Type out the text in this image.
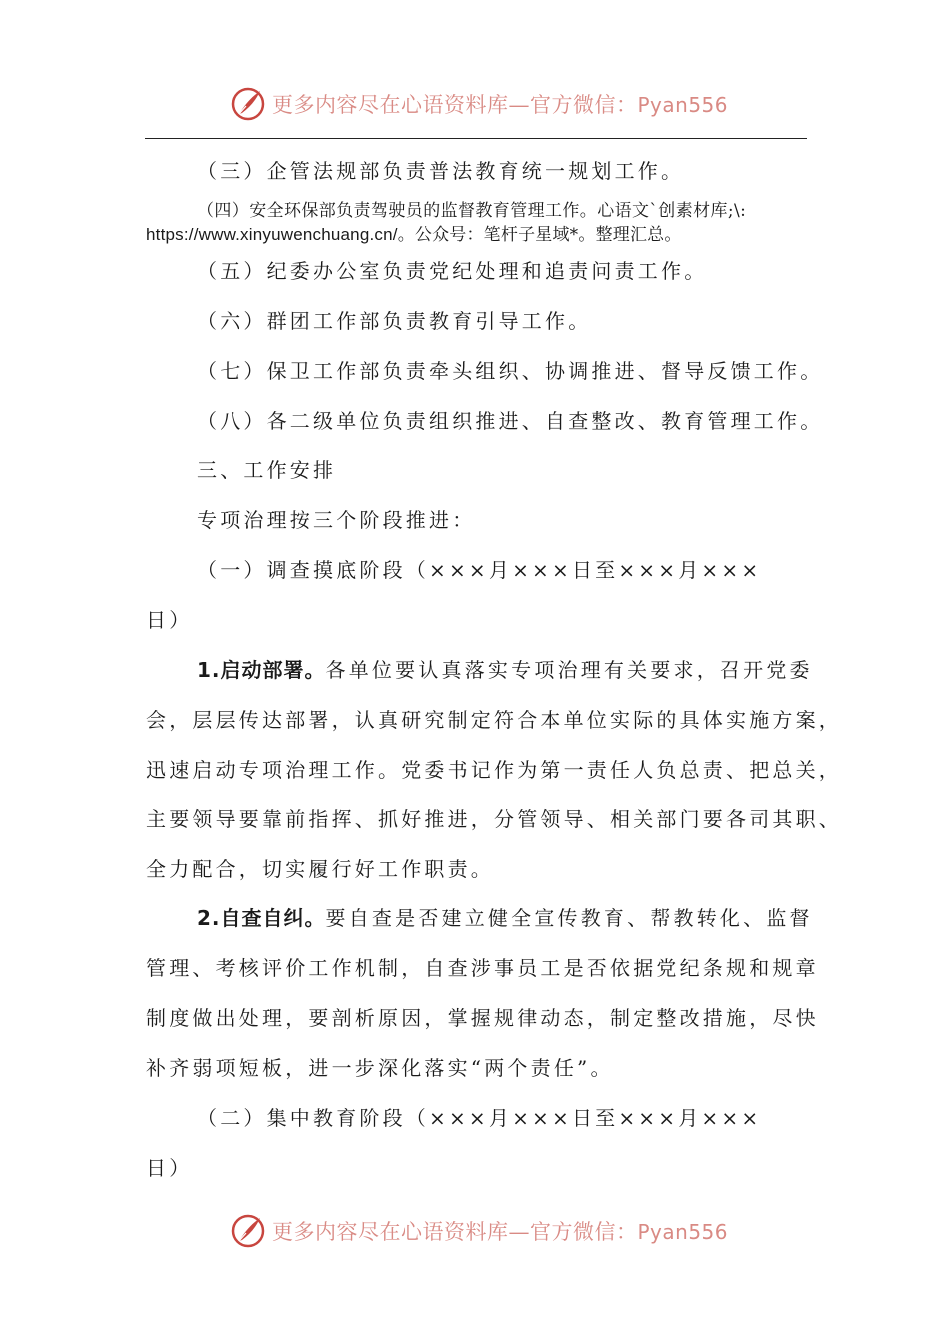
更多内容尽在心语资料库—官方微信：Pyan556
（三）企管法规部负责普法教育统一规划工作。
（四）安全环保部负责驾驶员的监督教育管理工作。心语文`创素材库;\:
https://www.xinyuwenchuang.cn/。公众号：笔杆子星域*。整理汇总。
（五）纪委办公室负责党纪处理和追责问责工作。
（六）群团工作部负责教育引导工作。
（七）保卫工作部负责牵头组织、协调推进、督导反馈工作。
（八）各二级单位负责组织推进、自查整改、教育管理工作。
三、工作安排
专项治理按三个阶段推进：
（一）调查摸底阶段（×××月×××日至×××月×××
日）
1.启动部署。各单位要认真落实专项治理有关要求，召开党委
会，层层传达部署，认真研究制定符合本单位实际的具体实施方案，
迅速启动专项治理工作。党委书记作为第一责任人负总责、把总关，
主要领导要靠前指挥、抓好推进，分管领导、相关部门要各司其职、
全力配合，切实履行好工作职责。
2.自查自纠。要自查是否建立健全宣传教育、帮教转化、监督
管理、考核评价工作机制，自查涉事员工是否依据党纪条规和规章
制度做出处理，要剖析原因，掌握规律动态，制定整改措施，尽快
补齐弱项短板，进一步深化落实“两个责任”。
（二）集中教育阶段（×××月×××日至×××月×××
日）
更多内容尽在心语资料库—官方微信：Pyan556
